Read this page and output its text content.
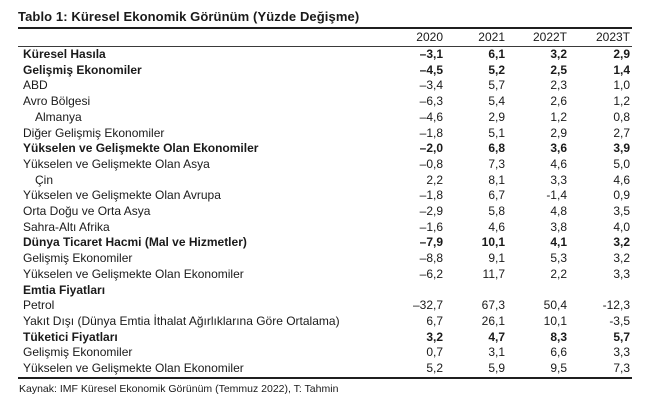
Tablo 1: Küresel Ekonomik Görünüm (Yüzde Değişme)
	2020	2021	2022T	2023T
Küresel Hasıla	–3,1	6,1	3,2	2,9
Gelişmiş Ekonomiler	–4,5	5,2	2,5	1,4
ABD	–3,4	5,7	2,3	1,0
Avro Bölgesi	–6,3	5,4	2,6	1,2
Almanya	–4,6	2,9	1,2	0,8
Diğer Gelişmiş Ekonomiler	–1,8	5,1	2,9	2,7
Yükselen ve Gelişmekte Olan Ekonomiler	–2,0	6,8	3,6	3,9
Yükselen ve Gelişmekte Olan Asya	–0,8	7,3	4,6	5,0
Çin	2,2	8,1	3,3	4,6
Yükselen ve Gelişmekte Olan Avrupa	–1,8	6,7	-1,4	0,9
Orta Doğu ve Orta Asya	–2,9	5,8	4,8	3,5
Sahra-Altı Afrika	–1,6	4,6	3,8	4,0
Dünya Ticaret Hacmi (Mal ve Hizmetler)	–7,9	10,1	4,1	3,2
Gelişmiş Ekonomiler	–8,8	9,1	5,3	3,2
Yükselen ve Gelişmekte Olan Ekonomiler	–6,2	11,7	2,2	3,3
Emtia Fiyatları				
Petrol	–32,7	67,3	50,4	-12,3
Yakıt Dışı (Dünya Emtia İthalat Ağırlıklarına Göre Ortalama)	6,7	26,1	10,1	-3,5
Tüketici Fiyatları	3,2	4,7	8,3	5,7
Gelişmiş Ekonomiler	0,7	3,1	6,6	3,3
Yükselen ve Gelişmekte Olan Ekonomiler	5,2	5,9	9,5	7,3
Kaynak: IMF Küresel Ekonomik Görünüm (Temmuz 2022), T: Tahmin
